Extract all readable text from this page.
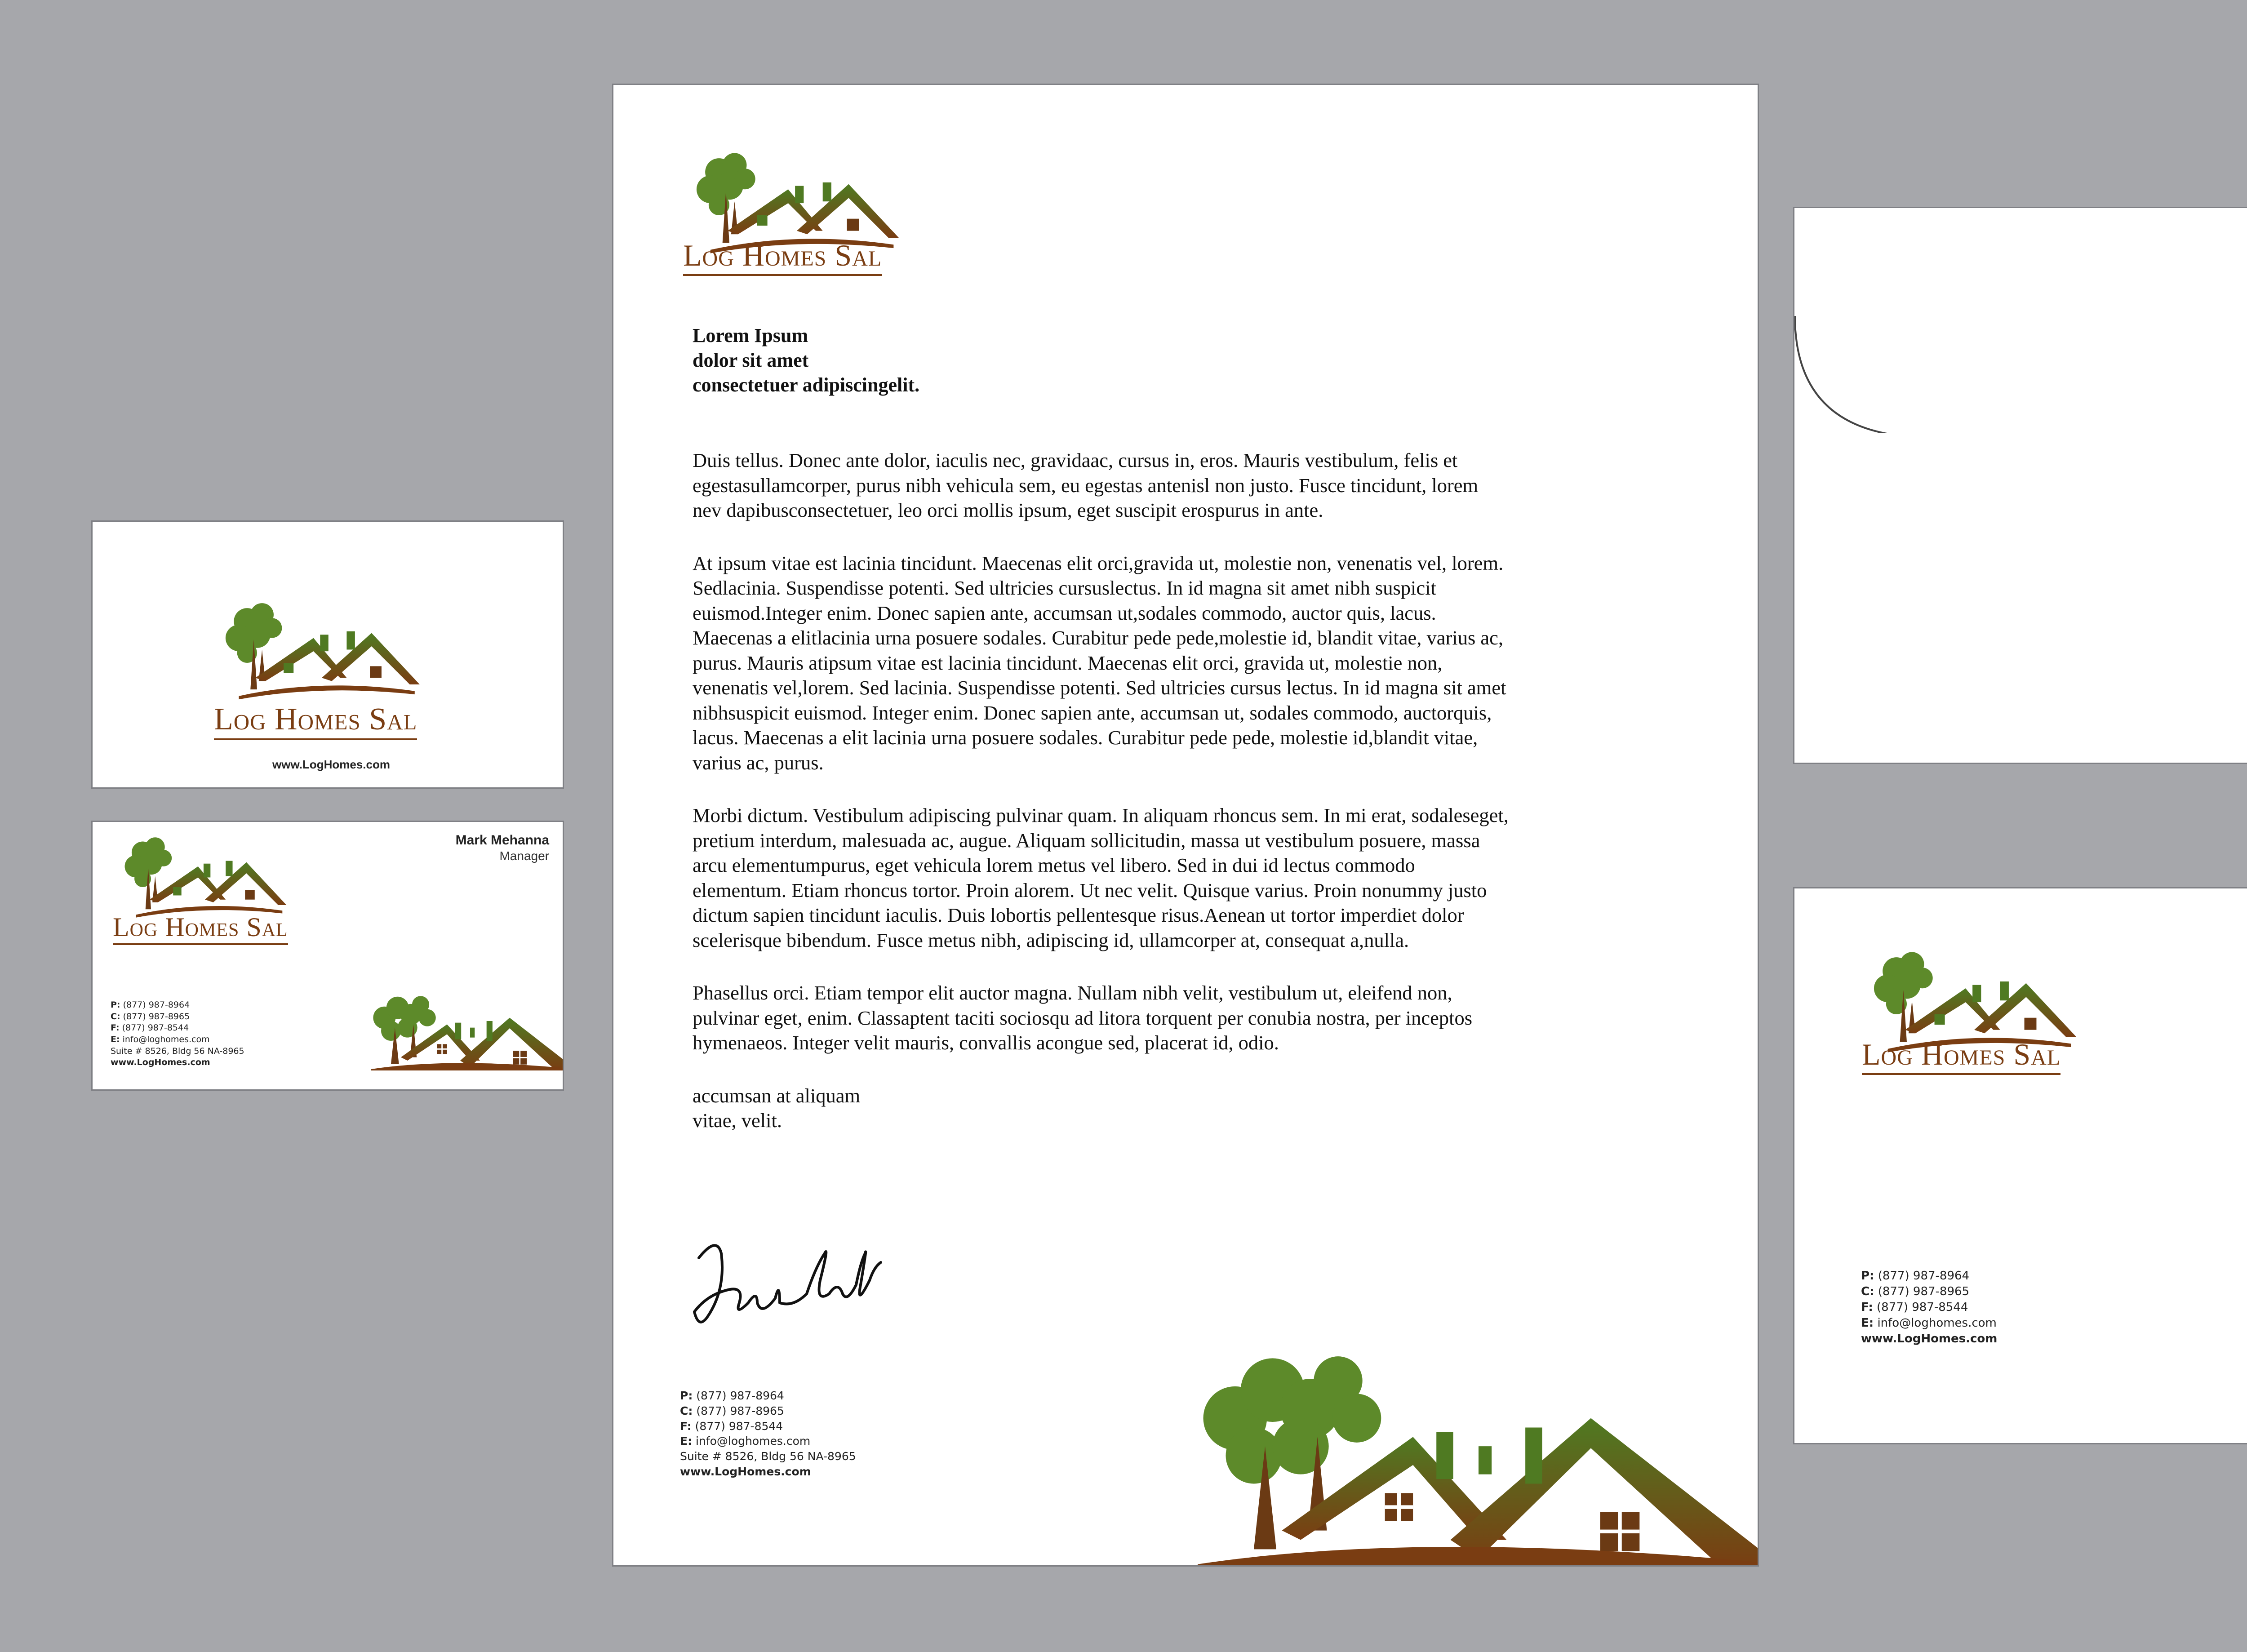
Log Homes Sal
www.LogHomes.com
Log Homes Sal
Mark Mehanna
Manager
P: (877) 987-8964
C: (877) 987-8965
F: (877) 987-8544
E: info@loghomes.com
Suite # 8526, Bldg 56 NA-8965
www.LogHomes.com
Log Homes Sal
Lorem Ipsum
dolor sit amet
consectetuer adipiscingelit.

Duis tellus. Donec ante dolor, iaculis nec, gravidaac, cursus in, eros. Mauris vestibulum, felis et egestasullamcorper, purus nibh vehicula sem, eu egestas antenisl non justo. Fusce tincidunt, lorem nev dapibusconsectetuer, leo orci mollis ipsum, eget suscipit erospurus in ante.

At ipsum vitae est lacinia tincidunt. Maecenas elit orci,gravida ut, molestie non, venenatis vel, lorem. Sedlacinia. Suspendisse potenti. Sed ultricies cursuslectus. In id magna sit amet nibh suspicit euismod.Integer enim. Donec sapien ante, accumsan ut,sodales commodo, auctor quis, lacus. Maecenas a elitlacinia urna posuere sodales. Curabitur pede pede,molestie id, blandit vitae, varius ac, purus. Mauris atipsum vitae est lacinia tincidunt. Maecenas elit orci, gravida ut, molestie non, venenatis vel,lorem. Sed lacinia. Suspendisse potenti. Sed ultricies cursus lectus. In id magna sit amet nibhsuspicit euismod. Integer enim. Donec sapien ante, accumsan ut, sodales commodo, auctorquis, lacus. Maecenas a elit lacinia urna posuere sodales. Curabitur pede pede, molestie id,blandit vitae, varius ac, purus.

Morbi dictum. Vestibulum adipiscing pulvinar quam. In aliquam rhoncus sem. In mi erat, sodaleseget, pretium interdum, malesuada ac, augue. Aliquam sollicitudin, massa ut vestibulum posuere, massa arcu elementumpurus, eget vehicula lorem metus vel libero. Sed in dui id lectus commodo elementum. Etiam rhoncus tortor. Proin alorem. Ut nec velit. Quisque varius. Proin nonummy justo dictum sapien tincidunt iaculis. Duis lobortis pellentesque risus.Aenean ut tortor imperdiet dolor scelerisque bibendum. Fusce metus nibh, adipiscing id, ullamcorper at, consequat a,nulla.

Phasellus orci. Etiam tempor elit auctor magna. Nullam nibh velit, vestibulum ut, eleifend non, pulvinar eget, enim. Classaptent taciti sociosqu ad litora torquent per conubia nostra, per inceptos hymenaeos. Integer velit mauris, convallis acongue sed, placerat id, odio.

accumsan at aliquam
vitae, velit.
P: (877) 987-8964
C: (877) 987-8965
F: (877) 987-8544
E: info@loghomes.com
Suite # 8526, Bldg 56 NA-8965
www.LogHomes.com
Log Homes Sal
P: (877) 987-8964
C: (877) 987-8965
F: (877) 987-8544
E: info@loghomes.com
www.LogHomes.com
